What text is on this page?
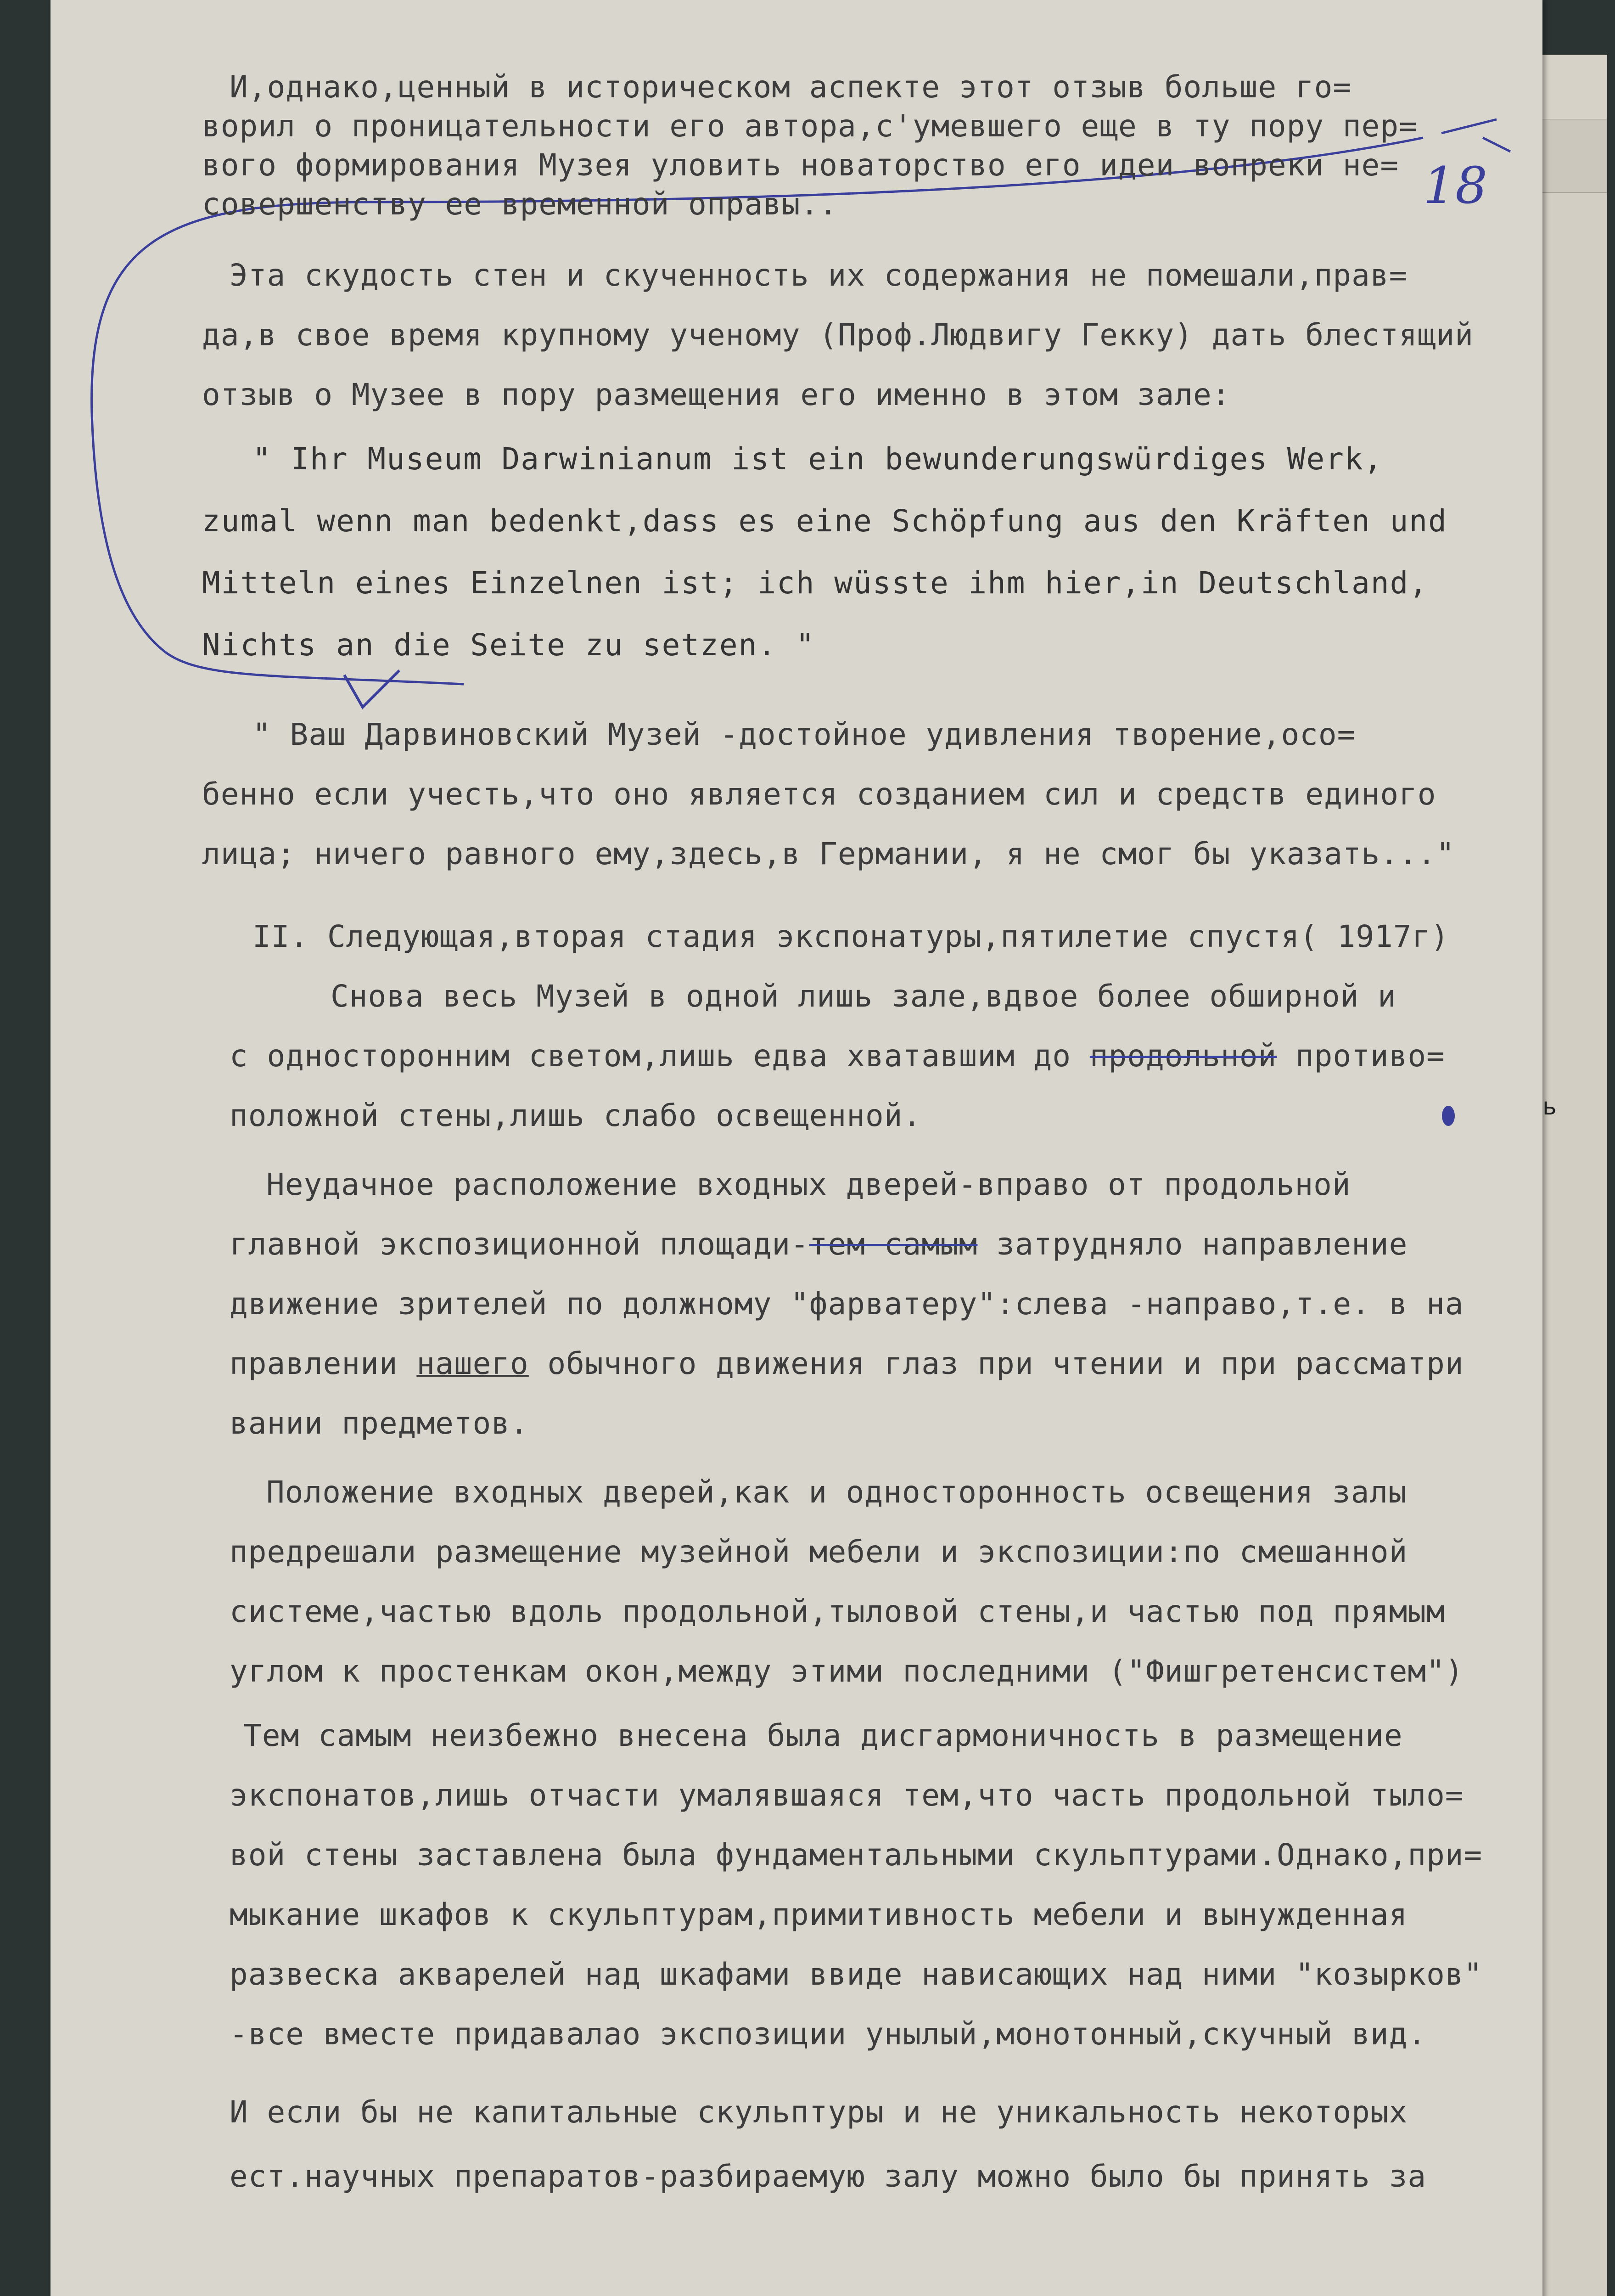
ь
18
И,однако,ценный в историческом аспекте этот отзыв больше го=
ворил о проницательности его автора,с'умевшего еще в ту пору пер=
вого формирования Музея уловить новаторство его идеи вопреки не=
совершенству ее временной оправы..
Эта скудость стен и скученность их содержания не помешали,прав=
да,в свое время крупному ученому (Проф.Людвигу Гекку) дать блестящий
отзыв о Музее в пору размещения его именно в этом зале:
" Ihr Museum Darwinianum ist ein bewunderungswürdiges Werk,
zumal wenn man bedenkt,dass es eine Schöpfung aus den Kräften und
Mitteln eines Einzelnen ist; ich wüsste ihm hier,in Deutschland,
Nichts an die Seite zu setzen. "
" Ваш Дарвиновский Музей -достойное удивления творение,осо=
бенно если учесть,что оно является созданием сил и средств единого
лица; ничего равного ему,здесь,в Германии, я не смог бы указать..."
II. Следующая,вторая стадия экспонатуры,пятилетие спустя( 1917г)
Снова весь Музей в одной лишь зале,вдвое более обширной и
с односторонним светом,лишь едва хватавшим до продольной противо=
положной стены,лишь слабо освещенной.
Неудачное расположение входных дверей-вправо от продольной
главной экспозиционной площади-тем самым затрудняло направление
движение зрителей по должному "фарватеру":слева -направо,т.е. в на
правлении нашего обычного движения глаз при чтении и при рассматри
вании предметов.
Положение входных дверей,как и односторонность освещения залы
предрешали размещение музейной мебели и экспозиции:по смешанной
системе,частью вдоль продольной,тыловой стены,и частью под прямым
углом к простенкам окон,между этими последними ("Фишгретенсистем")
Тем самым неизбежно внесена была дисгармоничность в размещение
экспонатов,лишь отчасти умалявшаяся тем,что часть продольной тыло=
вой стены заставлена была фундаментальными скульптурами.Однако,при=
мыкание шкафов к скульптурам,примитивность мебели и вынужденная
развеска акварелей над шкафами ввиде нависающих над ними "козырков"
-все вместе придавалао экспозиции унылый,монотонный,скучный вид.
И если бы не капитальные скульптуры и не уникальность некоторых
ест.научных препаратов-разбираемую залу можно было бы принять за
